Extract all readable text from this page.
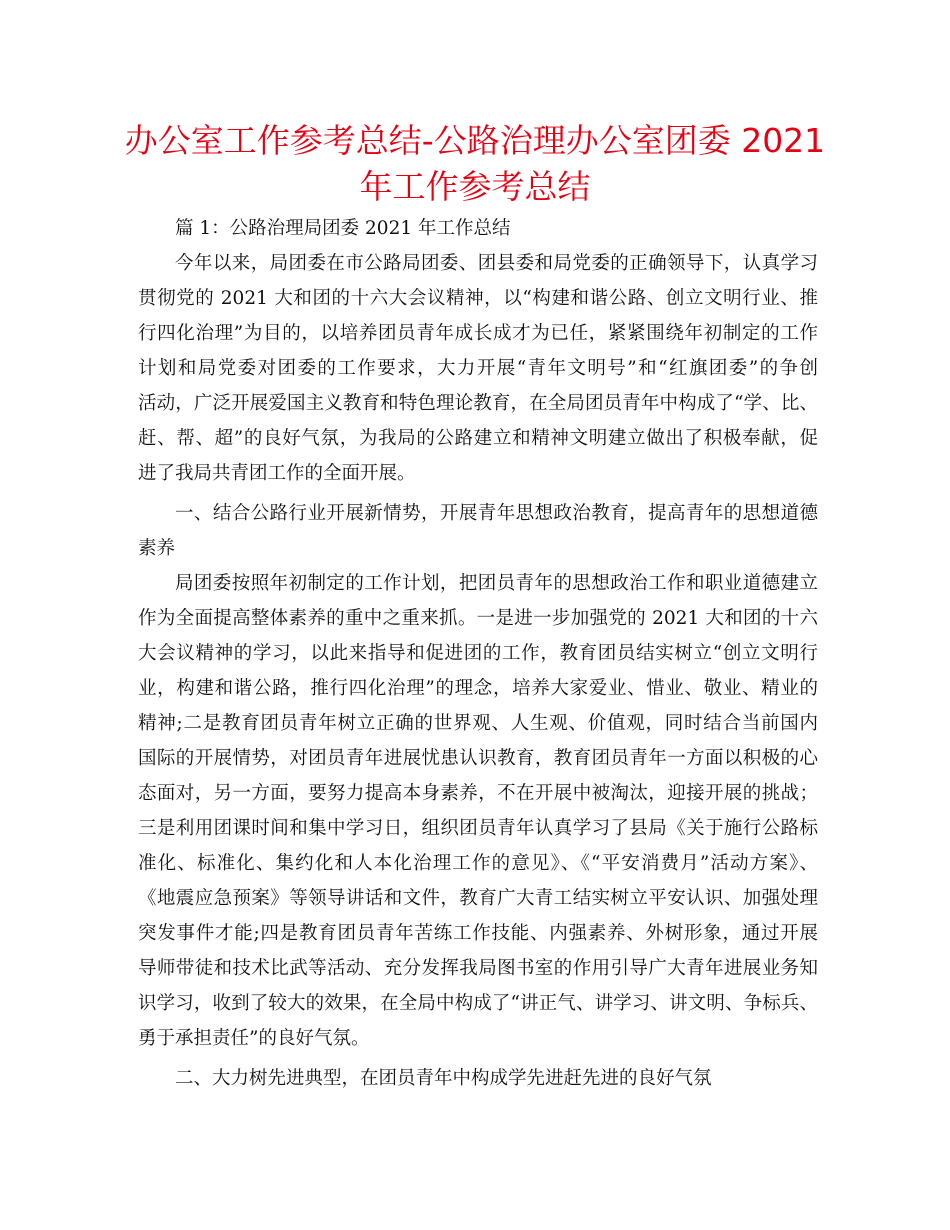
办公室工作参考总结-公路治理办公室团委 2021
年工作参考总结
篇 1：公路治理局团委 2021 年工作总结
今年以来，局团委在市公路局团委、团县委和局党委的正确领导下，认真学习
贯彻党的 2021 大和团的十六大会议精神，以“构建和谐公路、创立文明行业、推
行四化治理”为目的，以培养团员青年成长成才为已任，紧紧围绕年初制定的工作
计划和局党委对团委的工作要求，大力开展“青年文明号”和“红旗团委”的争创
活动，广泛开展爱国主义教育和特色理论教育，在全局团员青年中构成了“学、比、
赶、帮、超”的良好气氛，为我局的公路建立和精神文明建立做出了积极奉献，促
进了我局共青团工作的全面开展。
一、结合公路行业开展新情势，开展青年思想政治教育，提高青年的思想道德
素养
局团委按照年初制定的工作计划，把团员青年的思想政治工作和职业道德建立
作为全面提高整体素养的重中之重来抓。一是进一步加强党的 2021 大和团的十六
大会议精神的学习，以此来指导和促进团的工作，教育团员结实树立“创立文明行
业，构建和谐公路，推行四化治理”的理念，培养大家爱业、惜业、敬业、精业的
精神;二是教育团员青年树立正确的世界观、人生观、价值观，同时结合当前国内
国际的开展情势，对团员青年进展忧患认识教育，教育团员青年一方面以积极的心
态面对，另一方面，要努力提高本身素养，不在开展中被淘汰，迎接开展的挑战；
三是利用团课时间和集中学习日，组织团员青年认真学习了县局《关于施行公路标
准化、标准化、集约化和人本化治理工作的意见》、《“平安消费月”活动方案》、
《地震应急预案》等领导讲话和文件，教育广大青工结实树立平安认识、加强处理
突发事件才能;四是教育团员青年苦练工作技能、内强素养、外树形象，通过开展
导师带徒和技术比武等活动、充分发挥我局图书室的作用引导广大青年进展业务知
识学习，收到了较大的效果，在全局中构成了“讲正气、讲学习、讲文明、争标兵、
勇于承担责任”的良好气氛。
二、大力树先进典型，在团员青年中构成学先进赶先进的良好气氛
